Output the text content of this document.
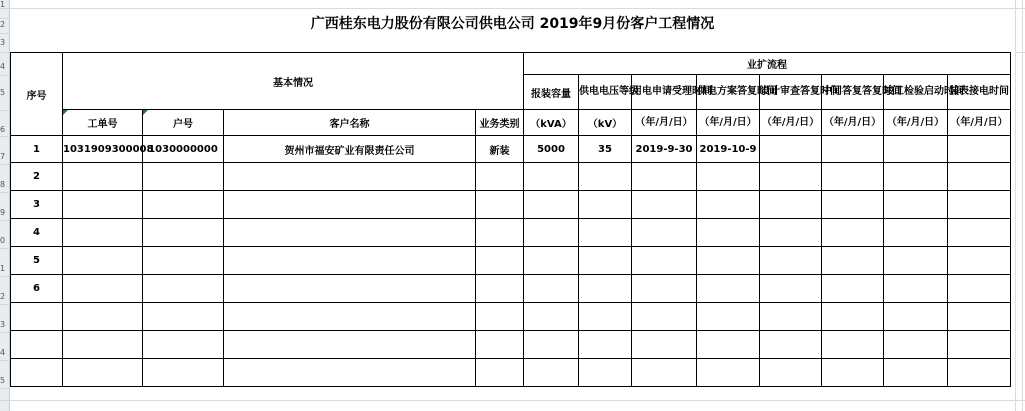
1
2
3
4
5
6
7
8
9
0
1
2
3
4
5
广西桂东电力股份有限公司供电公司 2019年9月份客户工程情况
序号	基本情况				业扩流程							
					报装容量	供电电压等级	用电申请受理时间	供电方案答复时间	设计审查答复时间	中间答复答复时间	竣工检验启动时间	装表接电时间
	工单号	户号	客户名称	业务类别	（kVA）	（kV）	（年/月/日）	（年/月/日）	（年/月/日）	（年/月/日）	（年/月/日）	（年/月/日）
1	1031909300008	1030000000	贺州市福安矿业有限责任公司	新装	5000	35	2019-9-30	2019-10-9				
2												
3												
4												
5												
6												
